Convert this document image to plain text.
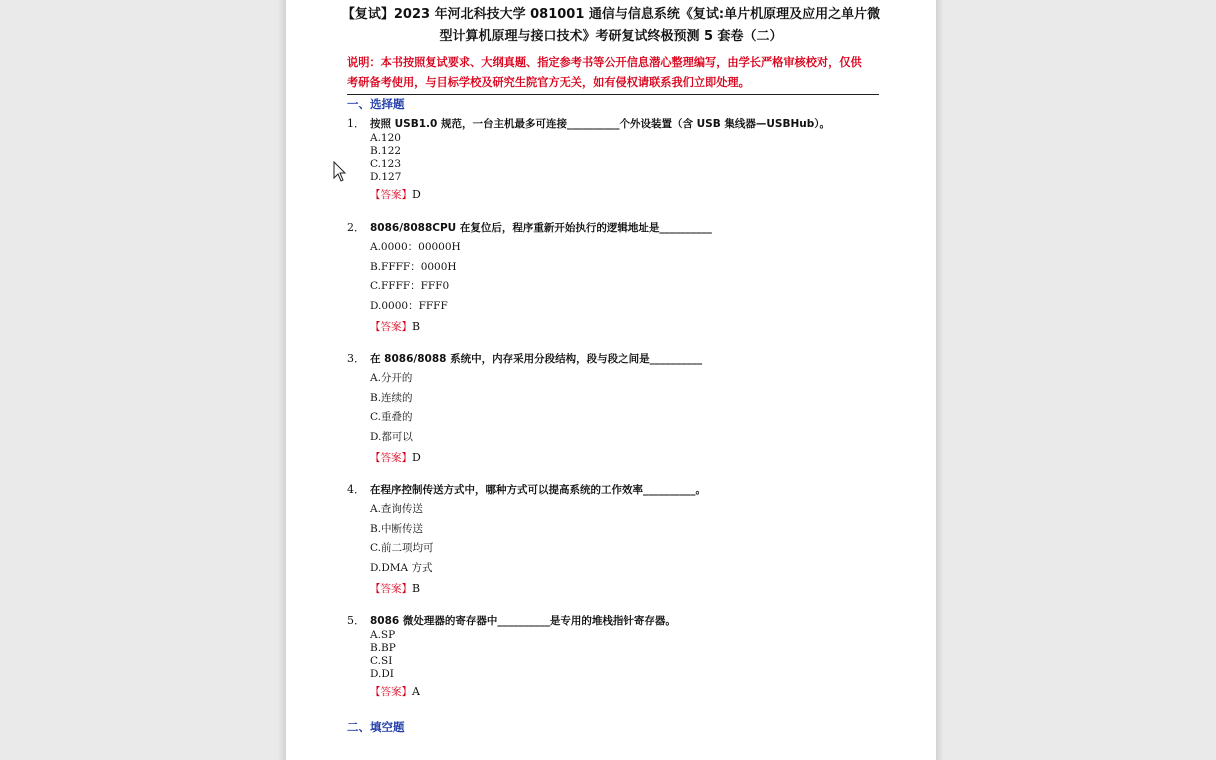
【复试】2023 年河北科技大学 081001 通信与信息系统《复试:单片机原理及应用之单片微
型计算机原理与接口技术》考研复试终极预测 5 套卷（二）
说明：本书按照复试要求、大纲真题、指定参考书等公开信息潜心整理编写，由学长严格审核校对，仅供
考研备考使用，与目标学校及研究生院官方无关，如有侵权请联系我们立即处理。
一、选择题
1． 按照 USB1.0 规范，一台主机最多可连接__________个外设装置（含 USB 集线器—USBHub）。
A.120
B.122
C.123
D.127
【答案】D
2． 8086/8088CPU 在复位后，程序重新开始执行的逻辑地址是__________
A.0000：00000H
B.FFFF：0000H
C.FFFF：FFF0
D.0000：FFFF
【答案】B
3． 在 8086/8088 系统中，内存采用分段结构，段与段之间是__________
A.分开的
B.连续的
C.重叠的
D.都可以
【答案】D
4． 在程序控制传送方式中，哪种方式可以提高系统的工作效率__________。
A.查询传送
B.中断传送
C.前二项均可
D.DMA 方式
【答案】B
5． 8086 微处理器的寄存器中__________是专用的堆栈指针寄存器。
A.SP
B.BP
C.SI
D.DI
【答案】A
二、填空题
